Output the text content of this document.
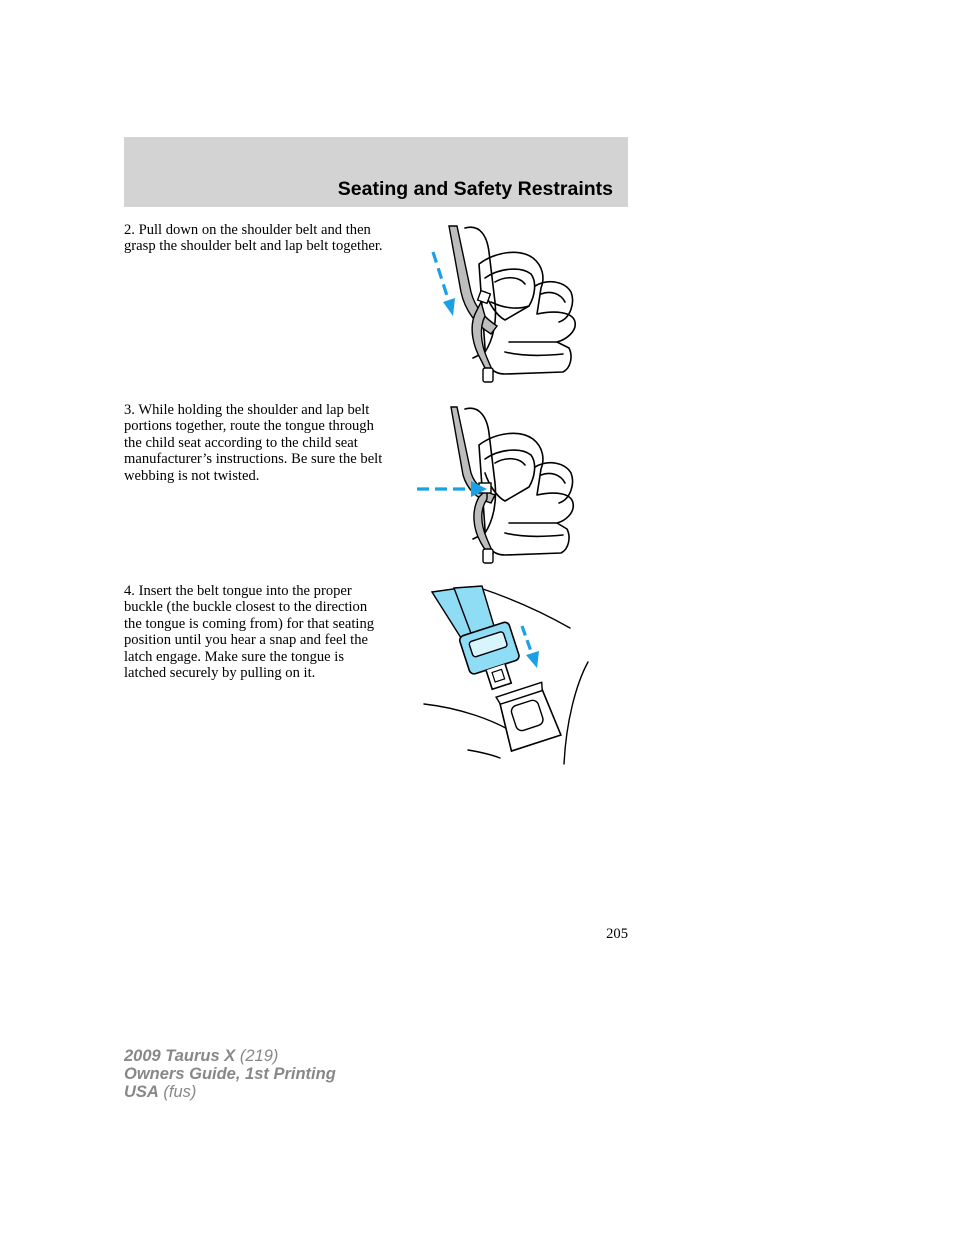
Seating and Safety Restraints

2. Pull down on the shoulder belt and then grasp the shoulder belt and lap belt together.

3. While holding the shoulder and lap belt portions together, route the tongue through the child seat according to the child seat manufacturer’s instructions. Be sure the belt webbing is not twisted.

4. Insert the belt tongue into the proper buckle (the buckle closest to the direction the tongue is coming from) for that seating position until you hear a snap and feel the latch engage. Make sure the tongue is latched securely by pulling on it.

205
2009 Taurus X (219)
Owners Guide, 1st Printing
USA (fus)
